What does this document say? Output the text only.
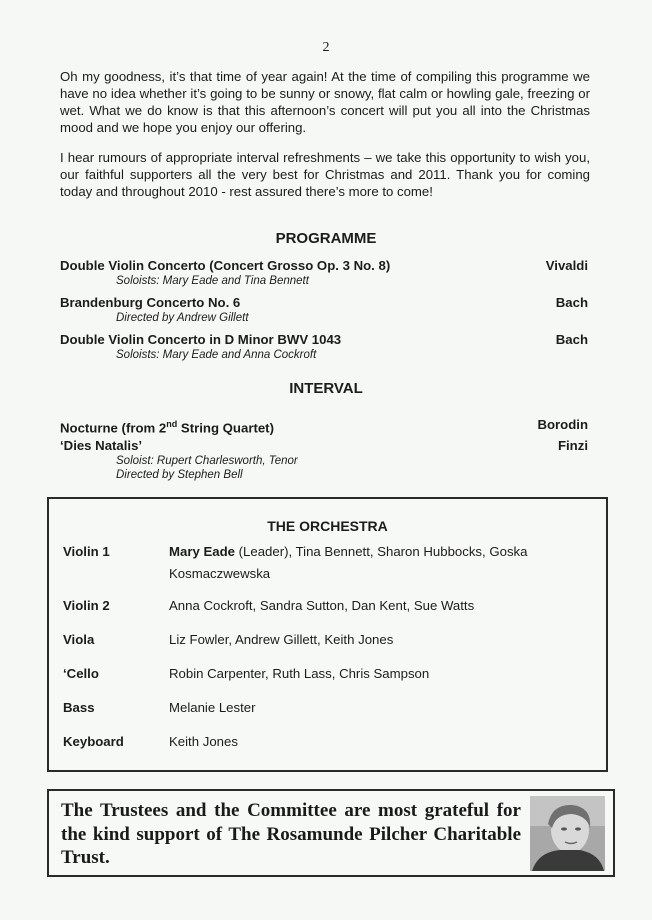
2

Oh my goodness, it’s that time of year again! At the time of compiling this programme we have no idea whether it’s going to be sunny or snowy, flat calm or howling gale, freezing or wet. What we do know is that this afternoon’s concert will put you all into the Christmas mood and we hope you enjoy our offering.

I hear rumours of appropriate interval refreshments – we take this opportunity to wish you, our faithful supporters all the very best for Christmas and 2011. Thank you for coming today and throughout 2010 - rest assured there’s more to come!

PROGRAMME
Double Violin Concerto (Concert Grosso Op. 3 No. 8)	Vivaldi
Soloists: Mary Eade and Tina Bennett
Brandenburg Concerto No. 6	Bach
Directed by Andrew Gillett
Double Violin Concerto in D Minor BWV 1043	Bach
Soloists: Mary Eade and Anna Cockroft
INTERVAL
Nocturne (from 2nd String Quartet)	Borodin
‘Dies Natalis’	Finzi
Soloist: Rupert Charlesworth, Tenor
Directed by Stephen Bell
THE ORCHESTRA
Violin 1	Mary Eade (Leader), Tina Bennett, Sharon Hubbocks, Goska Kosmaczwewska
Violin 2	Anna Cockroft, Sandra Sutton, Dan Kent, Sue Watts
Viola	Liz Fowler, Andrew Gillett, Keith Jones
‘Cello	Robin Carpenter, Ruth Lass, Chris Sampson
Bass	Melanie Lester
Keyboard	Keith Jones
The Trustees and the Committee are most grateful for the kind support of The Rosamunde Pilcher Charitable Trust.
